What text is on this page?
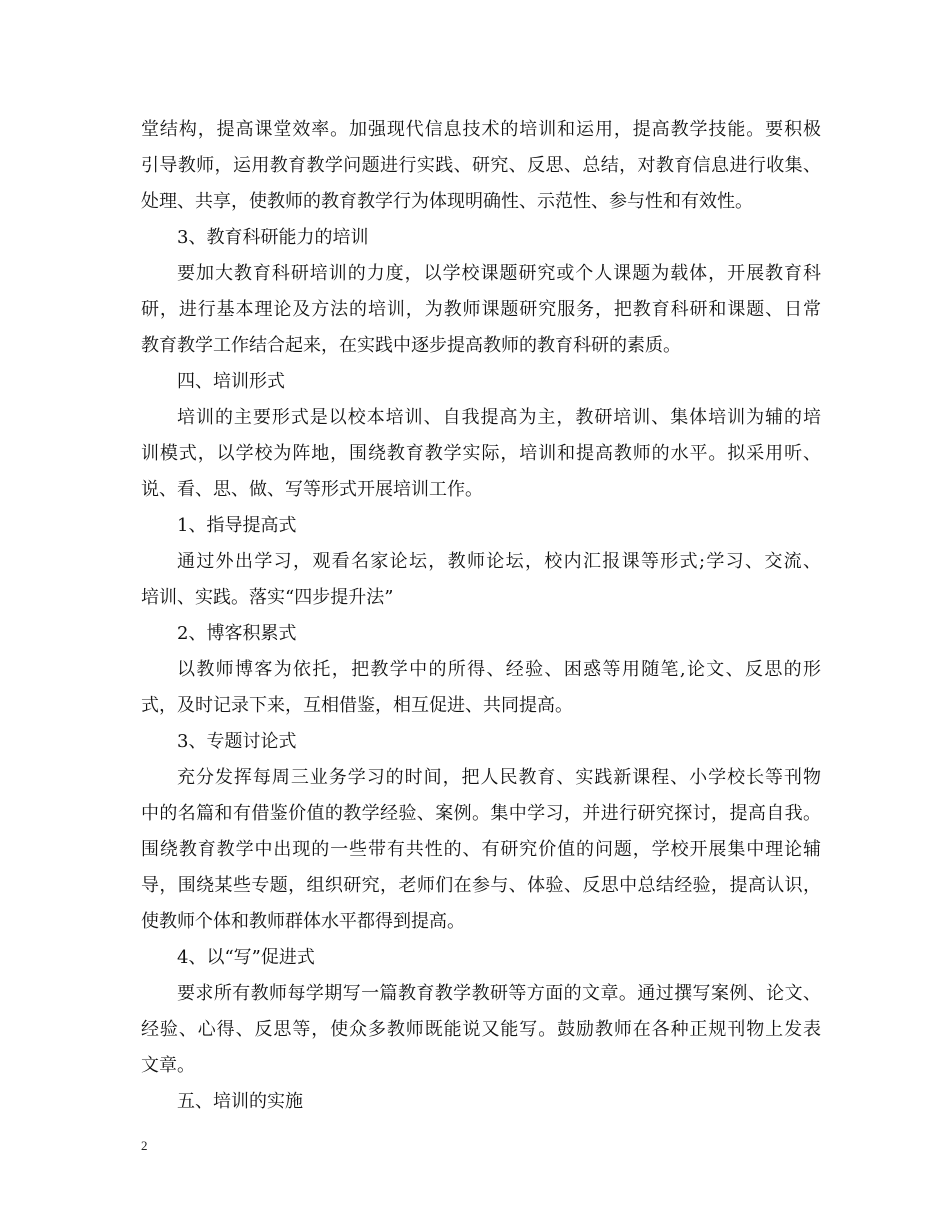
堂结构，提高课堂效率。加强现代信息技术的培训和运用，提高教学技能。要积极
引导教师，运用教育教学问题进行实践、研究、反思、总结，对教育信息进行收集、
处理、共享，使教师的教育教学行为体现明确性、示范性、参与性和有效性。
3、教育科研能力的培训
要加大教育科研培训的力度，以学校课题研究或个人课题为载体，开展教育科
研，进行基本理论及方法的培训，为教师课题研究服务，把教育科研和课题、日常
教育教学工作结合起来，在实践中逐步提高教师的教育科研的素质。
四、培训形式
培训的主要形式是以校本培训、自我提高为主，教研培训、集体培训为辅的培
训模式，以学校为阵地，围绕教育教学实际，培训和提高教师的水平。拟采用听、
说、看、思、做、写等形式开展培训工作。
1、指导提高式
通过外出学习，观看名家论坛，教师论坛，校内汇报课等形式;学习、交流、
培训、实践。落实“四步提升法”
2、博客积累式
以教师博客为依托，把教学中的所得、经验、困惑等用随笔,论文、反思的形
式，及时记录下来，互相借鉴，相互促进、共同提高。
3、专题讨论式
充分发挥每周三业务学习的时间，把人民教育、实践新课程、小学校长等刊物
中的名篇和有借鉴价值的教学经验、案例。集中学习，并进行研究探讨，提高自我。
围绕教育教学中出现的一些带有共性的、有研究价值的问题，学校开展集中理论辅
导，围绕某些专题，组织研究，老师们在参与、体验、反思中总结经验，提高认识，
使教师个体和教师群体水平都得到提高。
4、以“写”促进式
要求所有教师每学期写一篇教育教学教研等方面的文章。通过撰写案例、论文、
经验、心得、反思等，使众多教师既能说又能写。鼓励教师在各种正规刊物上发表
文章。
五、培训的实施
2
